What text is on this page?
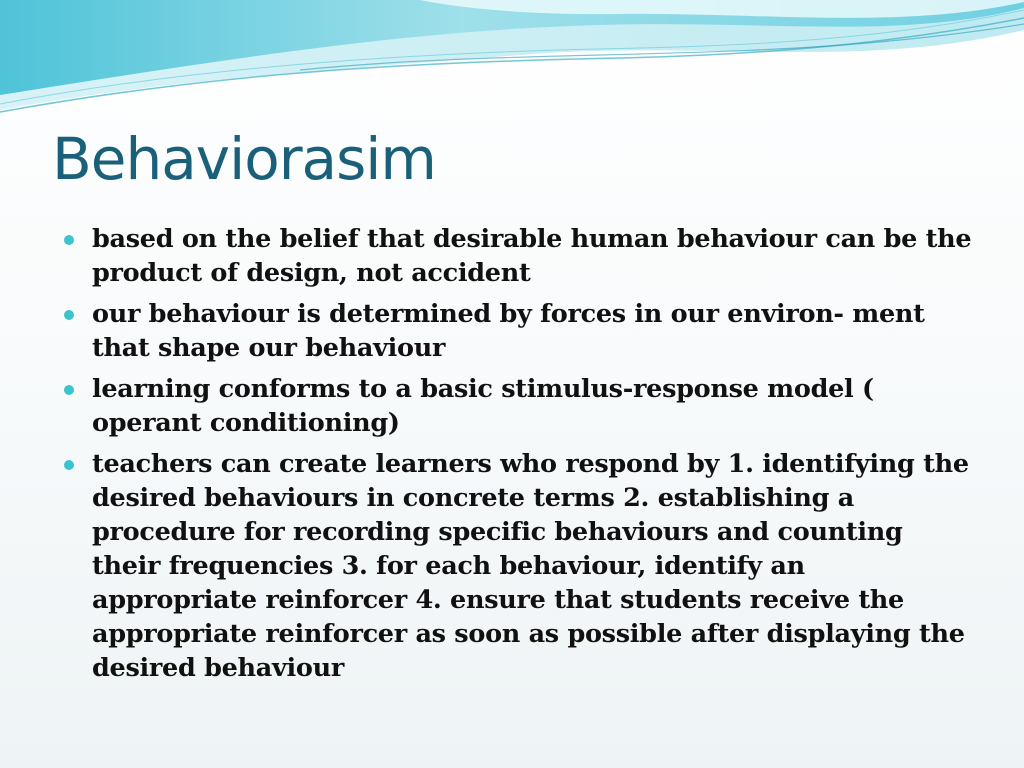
Behaviorasim
based on the belief that desirable human behaviour can be the product of design, not accident
our behaviour is determined by forces in our environ- ment that shape our behaviour
learning conforms to a basic stimulus-response model ( operant conditioning)
teachers can create learners who respond by 1. identifying the desired behaviours in concrete terms 2. establishing a procedure for recording specific behaviours and counting their frequencies 3. for each behaviour, identify an appropriate reinforcer 4. ensure that students receive the appropriate reinforcer as soon as possible after displaying the desired behaviour
